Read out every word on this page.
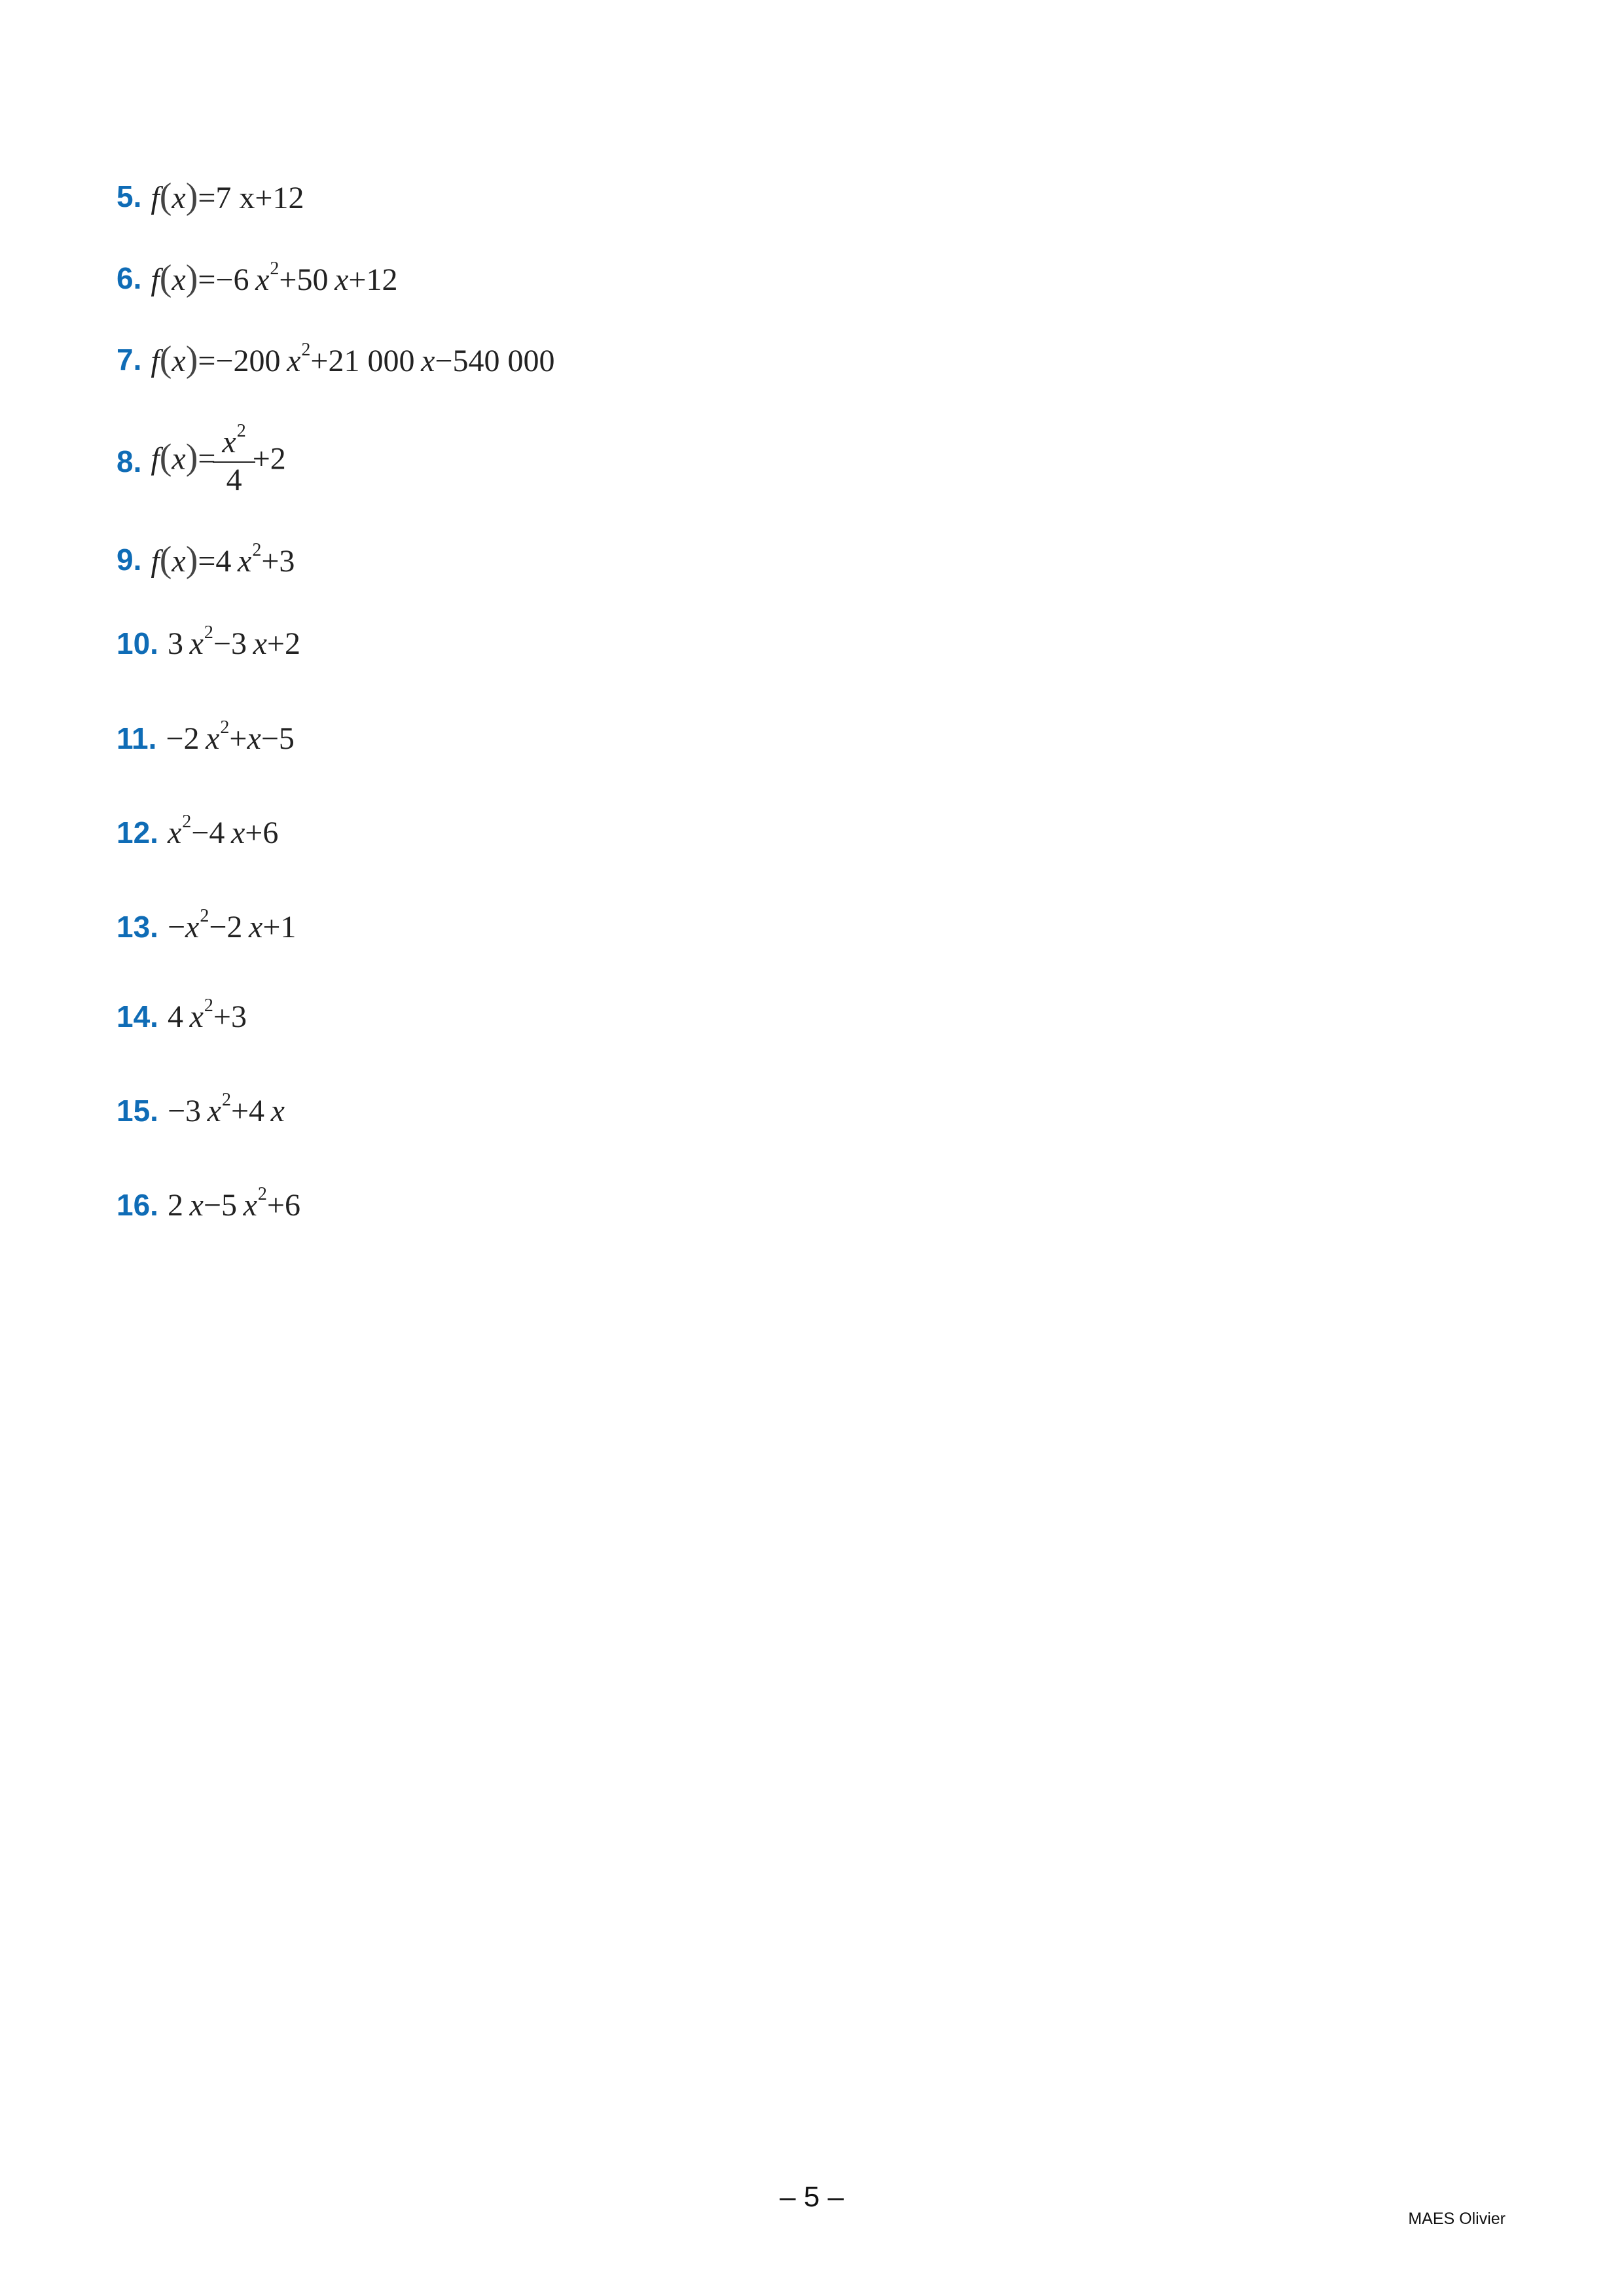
5. f(x)=7 x+12
6. f(x)=−6  $x^2+50$  x+12
7. f(x)=−200  $x^2+21$ 000  x−540 000
8. $f(x)= \frac{x^2}{4} +2$
9. f(x)=4  $x^2+3$
10. 3  $x^2-3$  x+2
11. −2  $x^2+x-5$
12. $x^2-4$  x+6
13. $-x^2-2$  x+1
14. 4  $x^2+3$
15. −3  $x^2+4$  x
16. 2  x−5  $x^2+6$
– 5 –
MAES Olivier
